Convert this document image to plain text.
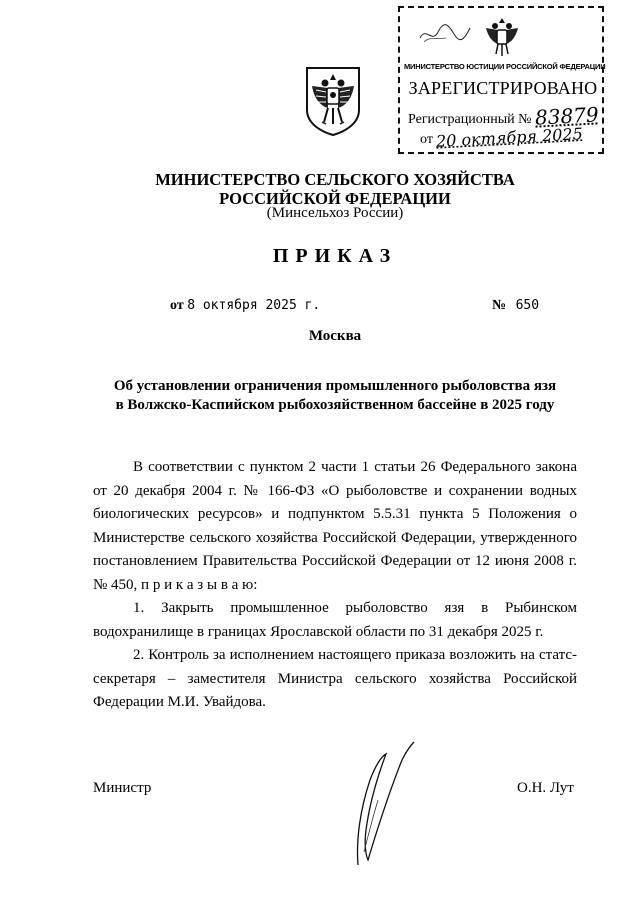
МИНИСТЕРСТВО ЮСТИЦИИ РОССИЙСКОЙ ФЕДЕРАЦИИ
ЗАРЕГИСТРИРОВАНО
Регистрационный № 83879
от 20 октября 2025
МИНИСТЕРСТВО СЕЛЬСКОГО ХОЗЯЙСТВА
РОССИЙСКОЙ ФЕДЕРАЦИИ
(Минсельхоз России)
ПРИКАЗ
от 8 октября 2025 г.	№ 650
Москва
Об установлении ограничения промышленного рыболовства язя
в Волжско-Каспийском рыбохозяйственном бассейне в 2025 году

В соответствии с пунктом 2 части 1 статьи 26 Федерального закона от 20 декабря 2004 г. № 166-ФЗ «О рыболовстве и сохранении водных биологических ресурсов» и подпунктом 5.5.31 пункта 5 Положения о Министерстве сельского хозяйства Российской Федерации, утвержденного постановлением Правительства Российской Федерации от 12 июня 2008 г. № 450, п р и к а з ы в а ю:

1. Закрыть промышленное рыболовство язя в Рыбинском водохранилище в границах Ярославской области по 31 декабря 2025 г.

2. Контроль за исполнением настоящего приказа возложить на статс-секретаря – заместителя Министра сельского хозяйства Российской Федерации М.И. Увайдова.

Министр	О.Н. Лут
